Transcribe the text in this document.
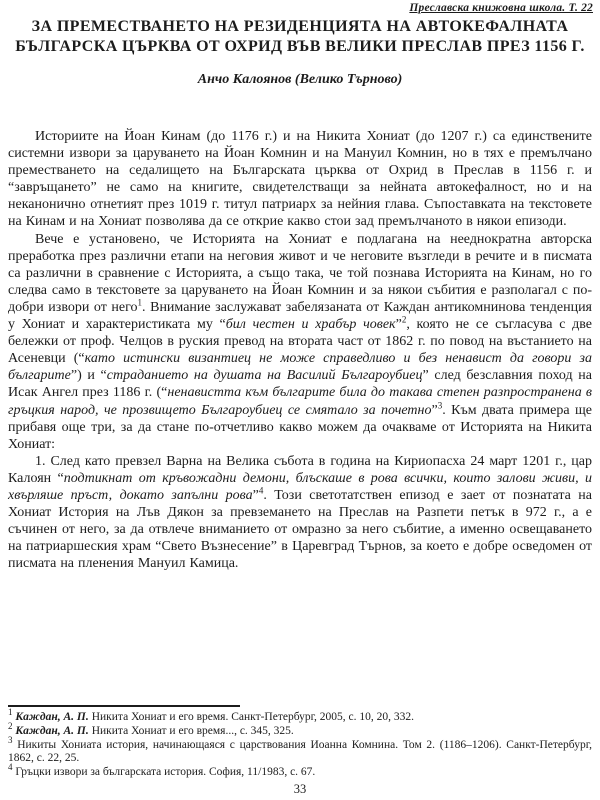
Преславска книжовна школа. Т. 22
ЗА ПРЕМЕСТВАНЕТО НА РЕЗИДЕНЦИЯТА НА АВТОКЕФАЛНАТА БЪЛГАРСКА ЦЪРКВА ОТ ОХРИД ВЪВ ВЕЛИКИ ПРЕСЛАВ ПРЕЗ 1156 Г.
Анчо Калоянов (Велико Търново)

Историите на Йоан Кинам (до 1176 г.) и на Никита Хониат (до 1207 г.) са единствените системни извори за царуването на Йоан Комнин и на Мануил Комнин, но в тях е премълчано преместването на седалището на Българската църква от Охрид в Преслав в 1156 г. и “завръщането” не само на книгите, свидетелстващи за нейната автокефалност, но и на неканонично отнетият през 1019 г. титул патриарх за нейния глава. Съпоставката на текстовете на Кинам и на Хониат позволява да се открие какво стои зад премълчаното в някои епизоди.

Вече е установено, че Историята на Хониат е подлагана на нееднократна авторска преработка през различни етапи на неговия живот и че неговите възгледи в речите и в писмата са различни в сравнение с Историята, а също така, че той познава Историята на Кинам, но го следва само в текстовете за царуването на Йоан Комнин и за някои събития е разполагал с по-добри извори от него$^1$. Внимание заслужават забелязаната от Каждан антикомнинова тенденция у Хониат и характеристиката му “бил честен и храбър човек”$^2$, която не се съгласува с две бележки от проф. Челцов в руския превод на втората част от 1862 г. по повод на въстанието на Асеневци (“като истински византиец не може справедливо и без ненавист да говори за българите”) и “страданието на душата на Василий Българоубиец” след безславния поход на Исак Ангел през 1186 г. (“ненавистта към българите била до такава степен разпространена в гръцкия народ, че прозвището Българоубиец се смятало за почетно”$^3$. Към двата примера ще прибавя още три, за да стане по-отчетливо какво можем да очакваме от Историята на Никита Хониат:

1. След като превзел Варна на Велика събота в година на Кириопасха 24 март 1201 г., цар Калоян “подтикнат от кръвожадни демони, блъскаше в рова всички, които залови живи, и хвърляше пръст, докато запълни рова”$^4$. Този светотатствен епизод е зает от познатата на Хониат История на Лъв Дякон за превземането на Преслав на Разпети петък в 972 г., а е съчинен от него, за да отвлече вниманието от омразно за него събитие, а именно освещаването на патриаршеския храм “Свето Възнесение” в Царевград Търнов, за което е добре осведомен от писмата на пленения Мануил Камица.

$^1$ Каждан, А. П. Никита Хониат и его время. Санкт-Петербург, 2005, с. 10, 20, 332.
$^2$ Каждан, А. П. Никита Хониат и его время..., с. 345, 325.
$^3$ Никиты Хониата история, начинающаяся с царствования Иоанна Комнина. Том 2. (1186–1206). Санкт-Петербург, 1862, с. 22, 25.
$^4$ Гръцки извори за българската история. София, 11/1983, с. 67.
33
